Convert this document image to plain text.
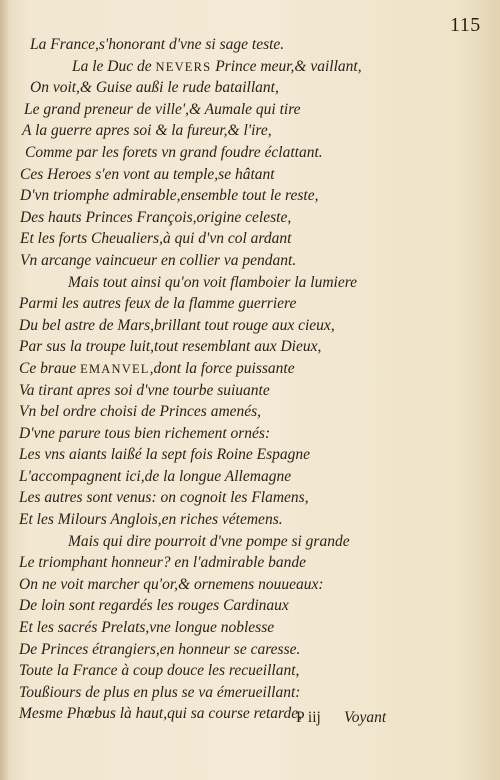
115
La France,s'honorant d'vne si sage teste.
La le Duc de NEVERS Prince meur,& vaillant,
On voit,& Guise außi le rude bataillant,
Le grand preneur de ville',& Aumale qui tire
A la guerre apres soi & la fureur,& l'ire,
Comme par les forets vn grand foudre éclattant.
Ces Heroes s'en vont au temple,se hâtant
D'vn triomphe admirable,ensemble tout le reste,
Des hauts Princes François,origine celeste,
Et les forts Cheualiers,à qui d'vn col ardant
Vn arcange vaincueur en collier va pendant.
Mais tout ainsi qu'on voit flamboier la lumiere
Parmi les autres feux de la flamme guerriere
Du bel astre de Mars,brillant tout rouge aux cieux,
Par sus la troupe luit,tout resemblant aux Dieux,
Ce braue EMANVEL,dont la force puissante
Va tirant apres soi d'vne tourbe suiuante
Vn bel ordre choisi de Princes amenés,
D'vne parure tous bien richement ornés:
Les vns aiants laißé la sept fois Roine Espagne
L'accompagnent ici,de la longue Allemagne
Les autres sont venus: on cognoit les Flamens,
Et les Milours Anglois,en riches vétemens.
Mais qui dire pourroit d'vne pompe si grande
Le triomphant honneur? en l'admirable bande
On ne voit marcher qu'or,& ornemens nouueaux:
De loin sont regardés les rouges Cardinaux
Et les sacrés Prelats,vne longue noblesse
De Princes étrangiers,en honneur se caresse.
Toute la France à coup douce les recueillant,
Toußiours de plus en plus se va émerueillant:
Mesme Phœbus là haut,qui sa course retarde,
P iij Voyant
